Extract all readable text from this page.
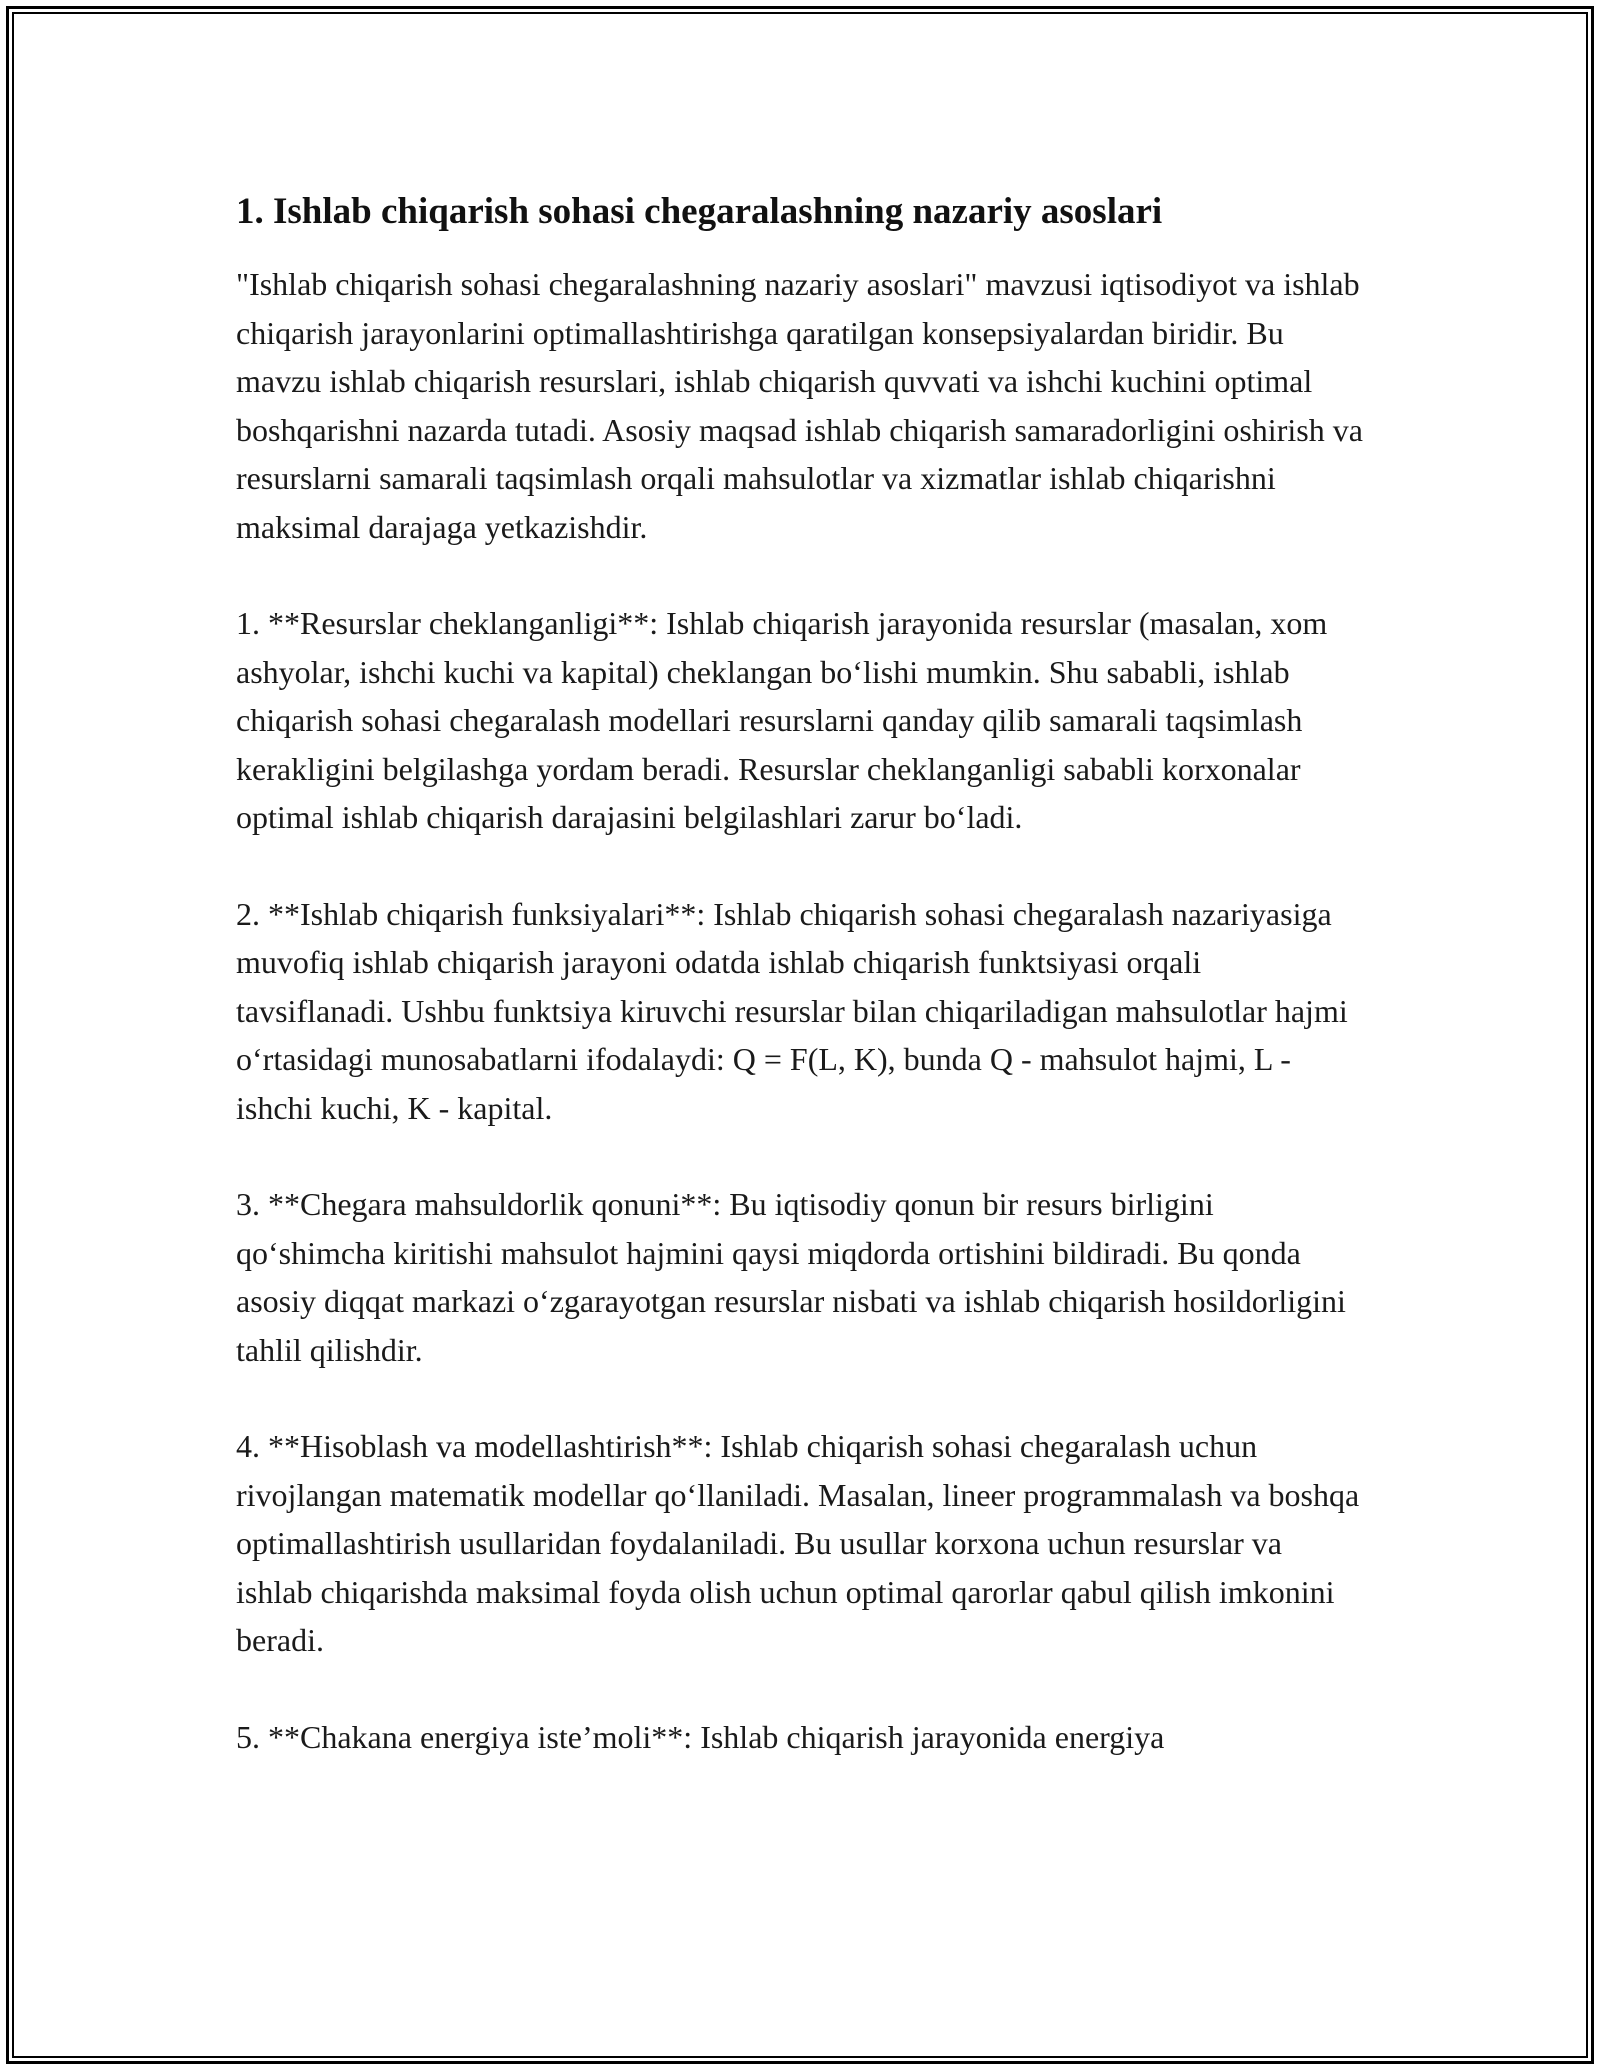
1. Ishlab chiqarish sohasi chegaralashning nazariy asoslari

"Ishlab chiqarish sohasi chegaralashning nazariy asoslari" mavzusi iqtisodiyot va ishlab chiqarish jarayonlarini optimallashtirishga qaratilgan konsepsiyalardan biridir. Bu mavzu ishlab chiqarish resurslari, ishlab chiqarish quvvati va ishchi kuchini optimal boshqarishni nazarda tutadi. Asosiy maqsad ishlab chiqarish samaradorligini oshirish va resurslarni samarali taqsimlash orqali mahsulotlar va xizmatlar ishlab chiqarishni maksimal darajaga yetkazishdir.

1. **Resurslar cheklanganligi**: Ishlab chiqarish jarayonida resurslar (masalan, xom ashyolar, ishchi kuchi va kapital) cheklangan bo‘lishi mumkin. Shu sababli, ishlab chiqarish sohasi chegaralash modellari resurslarni qanday qilib samarali taqsimlash kerakligini belgilashga yordam beradi. Resurslar cheklanganligi sababli korxonalar optimal ishlab chiqarish darajasini belgilashlari zarur bo‘ladi.

2. **Ishlab chiqarish funksiyalari**: Ishlab chiqarish sohasi chegaralash nazariyasiga muvofiq ishlab chiqarish jarayoni odatda ishlab chiqarish funktsiyasi orqali tavsiflanadi. Ushbu funktsiya kiruvchi resurslar bilan chiqariladigan mahsulotlar hajmi o‘rtasidagi munosabatlarni ifodalaydi: Q = F(L, K), bunda Q - mahsulot hajmi, L - ishchi kuchi, K - kapital.

3. **Chegara mahsuldorlik qonuni**: Bu iqtisodiy qonun bir resurs birligini qo‘shimcha kiritishi mahsulot hajmini qaysi miqdorda ortishini bildiradi. Bu qonda asosiy diqqat markazi o‘zgarayotgan resurslar nisbati va ishlab chiqarish hosildorligini tahlil qilishdir.

4. **Hisoblash va modellashtirish**: Ishlab chiqarish sohasi chegaralash uchun rivojlangan matematik modellar qo‘llaniladi. Masalan, lineer programmalash va boshqa optimallashtirish usullaridan foydalaniladi. Bu usullar korxona uchun resurslar va ishlab chiqarishda maksimal foyda olish uchun optimal qarorlar qabul qilish imkonini beradi.

5. **Chakana energiya iste’moli**: Ishlab chiqarish jarayonida energiya
